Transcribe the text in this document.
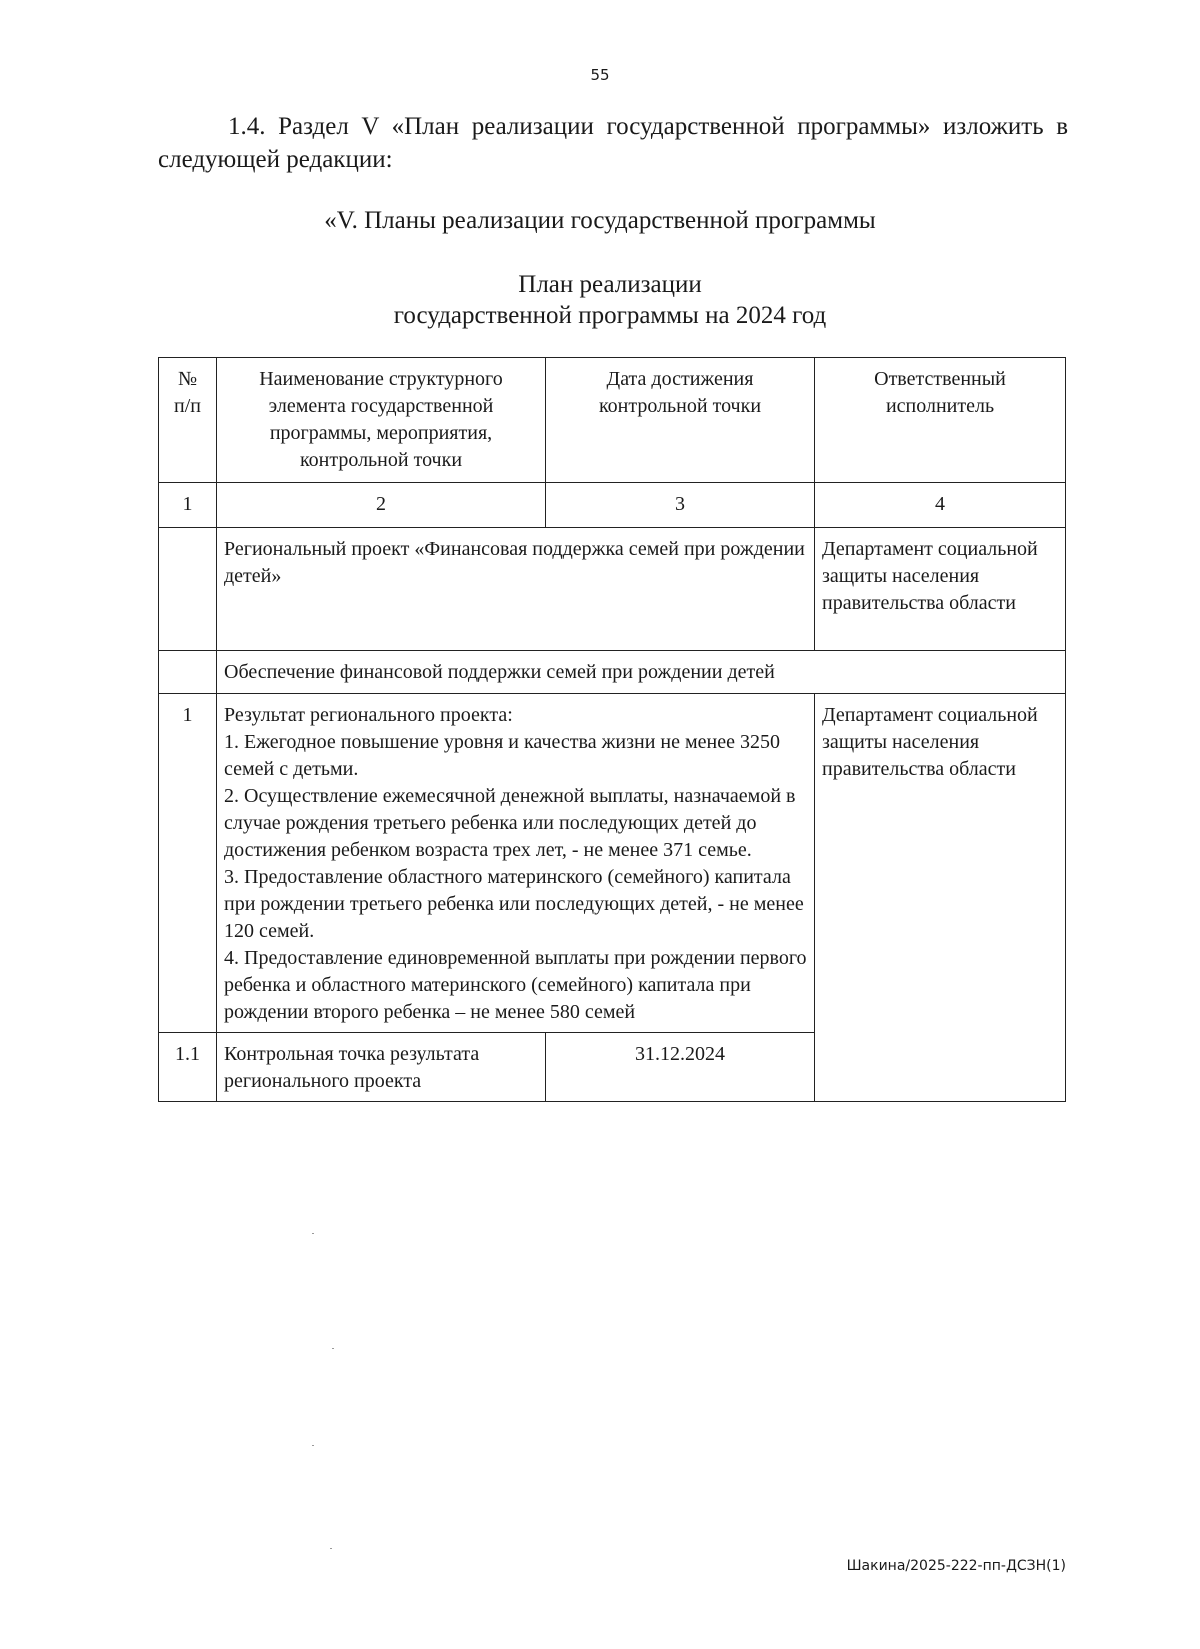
55
1.4. Раздел V «План реализации государственной программы» изложить в следующей редакции:
«V. Планы реализации государственной программы
План реализации
государственной программы на 2024 год
№
п/п	Наименование структурного элемента государственной программы, мероприятия, контрольной точки	Дата достижения контрольной точки	Ответственный исполнитель
1	2	3	4
	Региональный проект «Финансовая поддержка семей при рождении детей»		Департамент социальной защиты населения правительства области
	Обеспечение финансовой поддержки семей при рождении детей		
1	Результат регионального проекта:
1. Ежегодное повышение уровня и качества жизни не менее 3250 семей с детьми.
2. Осуществление ежемесячной денежной выплаты, назначаемой в случае рождения третьего ребенка или последующих детей до достижения ребенком возраста трех лет, - не менее 371 семье.
3. Предоставление областного материнского (семейного) капитала при рождении третьего ребенка или последующих детей, - не менее 120 семей.
4. Предоставление единовременной выплаты при рождении первого ребенка и областного материнского (семейного) капитала при рождении второго ребенка – не менее 580 семей		Департамент социальной защиты населения правительства области
1.1	Контрольная точка результата регионального проекта	31.12.2024	
Шакина/2025-222-пп-ДСЗН(1)
